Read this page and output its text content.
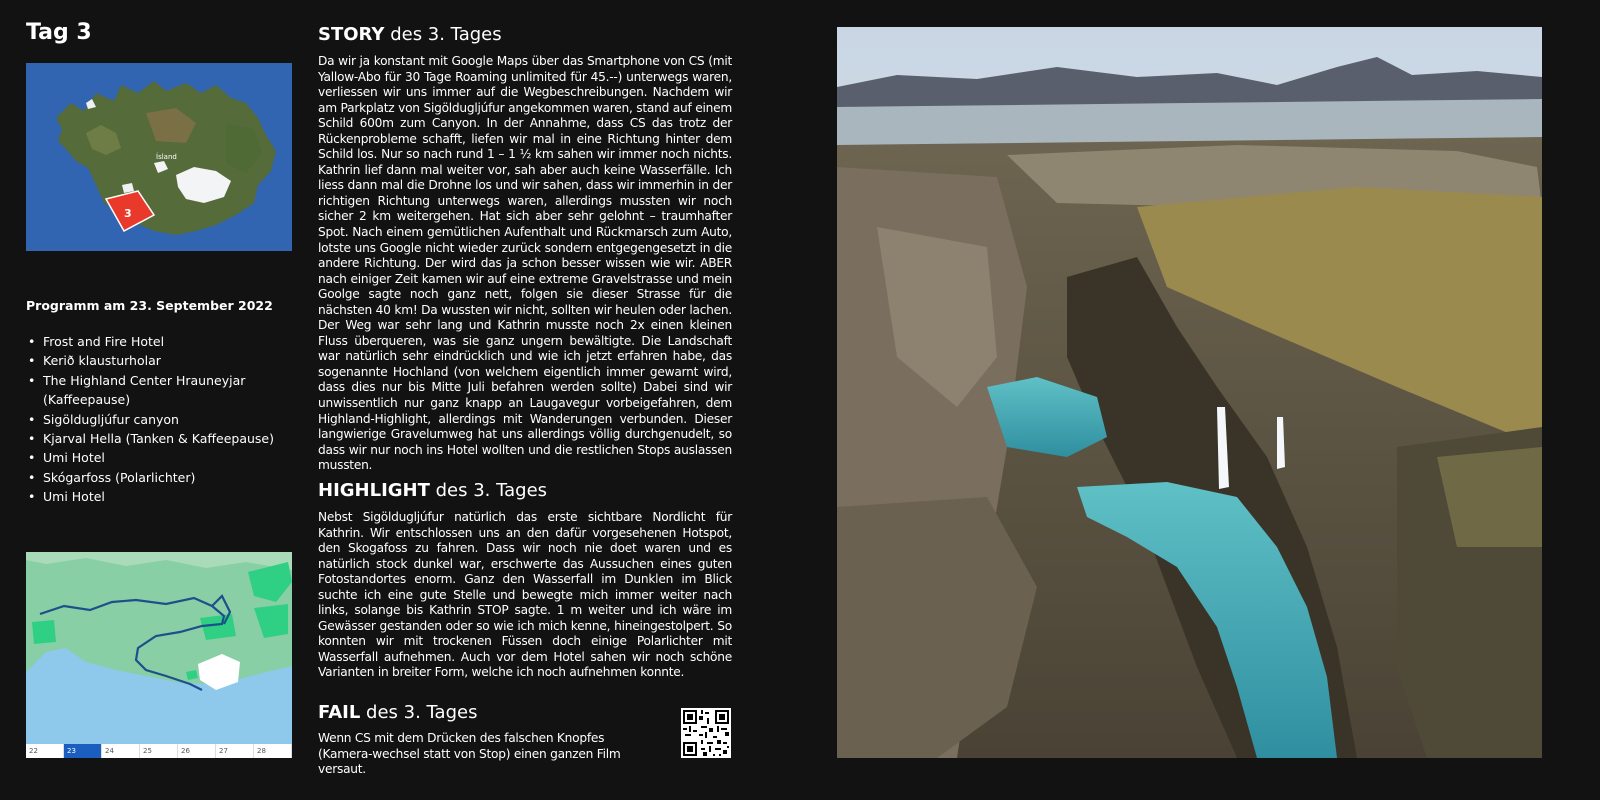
Tag 3
Ísland
3
Programm am 23. September 2022
• Frost and Fire Hotel
• Kerið klausturholar
• The Highland Center Hrauneyjar (Kaffeepause)
• Sigöldugljúfur canyon
• Kjarval Hella (Tanken & Kaffeepause)
• Umi Hotel
• Skógarfoss (Polarlichter)
• Umi Hotel
22	23	24	25	26	27	28
STORY des 3. Tages

Da wir ja konstant mit Google Maps über das Smartphone von CS (mit Yallow-Abo für 30 Tage Roaming unlimited für 45.--) unterwegs waren, verliessen wir uns immer auf die Wegbeschreibungen. Nachdem wir am Parkplatz von Sigöldugljúfur angekommen waren, stand auf einem Schild 600m zum Canyon. In der Annahme, dass CS das trotz der Rückenprobleme schafft, liefen wir mal in eine Richtung hinter dem Schild los. Nur so nach rund 1 – 1 ½ km sahen wir immer noch nichts. Kathrin lief dann mal weiter vor, sah aber auch keine Wasserfälle. Ich liess dann mal die Drohne los und wir sahen, dass wir immerhin in der richtigen Richtung unterwegs waren, allerdings mussten wir noch sicher 2 km weitergehen. Hat sich aber sehr gelohnt – traumhafter Spot. Nach einem gemütlichen Aufenthalt und Rückmarsch zum Auto, lotste uns Google nicht wieder zurück sondern entgegengesetzt in die andere Richtung. Der wird das ja schon besser wissen wie wir. ABER nach einiger Zeit kamen wir auf eine extreme Gravelstrasse und mein Goolge sagte noch ganz nett, folgen sie dieser Strasse für die nächsten 40 km! Da wussten wir nicht, sollten wir heulen oder lachen. Der Weg war sehr lang und Kathrin musste noch 2x einen kleinen Fluss überqueren, was sie ganz ungern bewältigte. Die Landschaft war natürlich sehr eindrücklich und wie ich jetzt erfahren habe, das sogenannte Hochland (von welchem eigentlich immer gewarnt wird, dass dies nur bis Mitte Juli befahren werden sollte) Dabei sind wir unwissentlich nur ganz knapp an Laugavegur vorbeigefahren, dem Highland-Highlight, allerdings mit Wanderungen verbunden. Dieser langwierige Gravelumweg hat uns allerdings völlig durchgenudelt, so dass wir nur noch ins Hotel wollten und die restlichen Stops auslassen mussten.

HIGHLIGHT des 3. Tages

Nebst Sigöldugljúfur natürlich das erste sichtbare Nordlicht für Kathrin. Wir entschlossen uns an den dafür vorgesehenen Hotspot, den Skogafoss zu fahren. Dass wir noch nie doet waren und es natürlich stock dunkel war, erschwerte das Aussuchen eines guten Fotostandortes enorm. Ganz den Wasserfall im Dunklen im Blick suchte ich eine gute Stelle und bewegte mich immer weiter nach links, solange bis Kathrin STOP sagte. 1 m weiter und ich wäre im Gewässer gestanden oder so wie ich mich kenne, hineingestolpert. So konnten wir mit trockenen Füssen doch einige Polarlichter mit Wasserfall aufnehmen. Auch vor dem Hotel sahen wir noch schöne Varianten in breiter Form, welche ich noch aufnehmen konnte.

FAIL des 3. Tages

Wenn CS mit dem Drücken des falschen Knopfes (Kamera-wechsel statt von Stop) einen ganzen Film versaut.
